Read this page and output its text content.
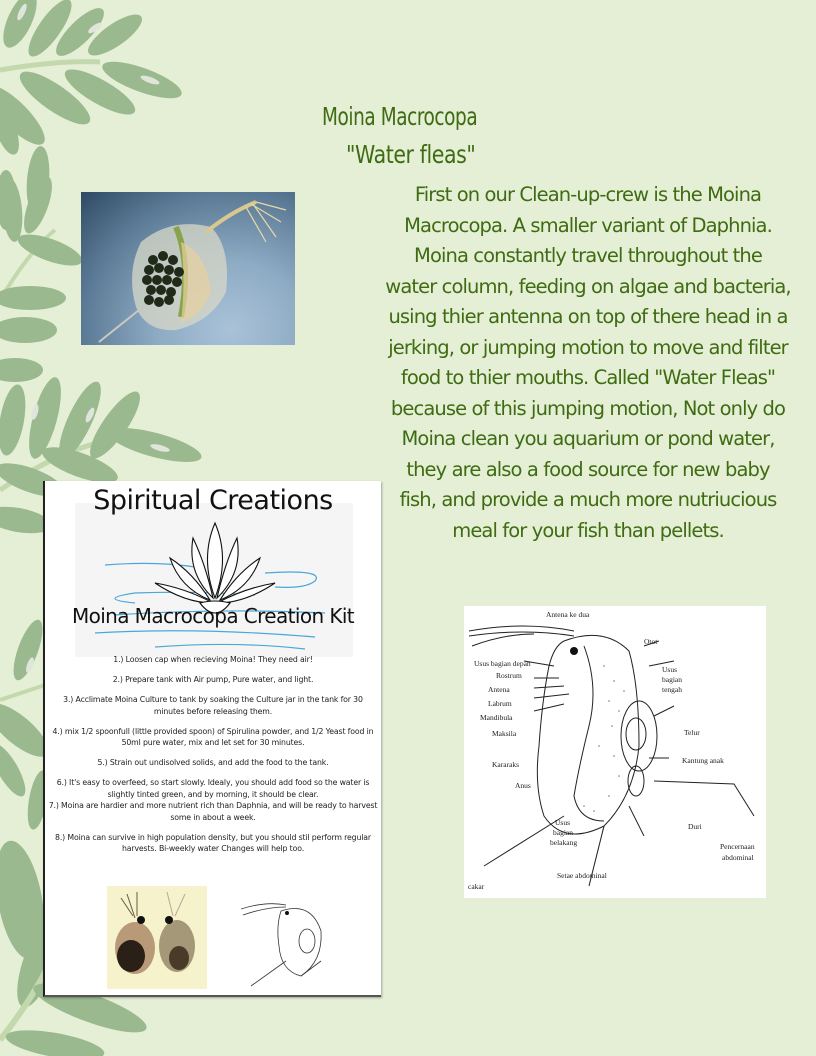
Moina Macrocopa
"Water fleas"
First on our Clean-up-crew is the Moina
Macrocopa. A smaller variant of Daphnia.
Moina constantly travel throughout the
water column, feeding on algae and bacteria,
using thier antenna on top of there head in a
jerking, or jumping motion to move and filter
food to thier mouths. Called "Water Fleas"
because of this jumping motion, Not only do
Moina clean you aquarium or pond water,
they are also a food source for new baby
fish, and provide a much more nutriucious
meal for your fish than pellets.
Spiritual Creations
Moina Macrocopa Creation Kit

1.) Loosen cap when recieving Moina! They need air!

2.) Prepare tank with Air pump, Pure water, and light.

3.) Acclimate Moina Culture to tank by soaking the Culture jar in the tank for 30 minutes before releasing them.

4.) mix 1/2 spoonfull (little provided spoon) of Spirulina powder, and 1/2 Yeast food in 50ml pure water, mix and let set for 30 minutes.

5.) Strain out undisolved solids, and add the food to the tank.

6.) It's easy to overfeed, so start slowly. Idealy, you should add food so the water is slightly tinted green, and by morning, it should be clear.

7.) Moina are hardier and more nutrient rich than Daphnia, and will be ready to harvest some in about a week.

8.) Moina can survive in high population density, but you should stil perform regular harvests. Bi-weekly water Changes will help too.

Antena ke dua
Otot
Usus bagian depan
Rostrum
Usus
bagian
tengah
Antena
Labrum
Mandibula
Maksila	Telur
Kararaks	Kantung anak
Anus
Usus
bagian
belakang
Duri
Pencernaan
abdominal
Setae abdominal
cakar
